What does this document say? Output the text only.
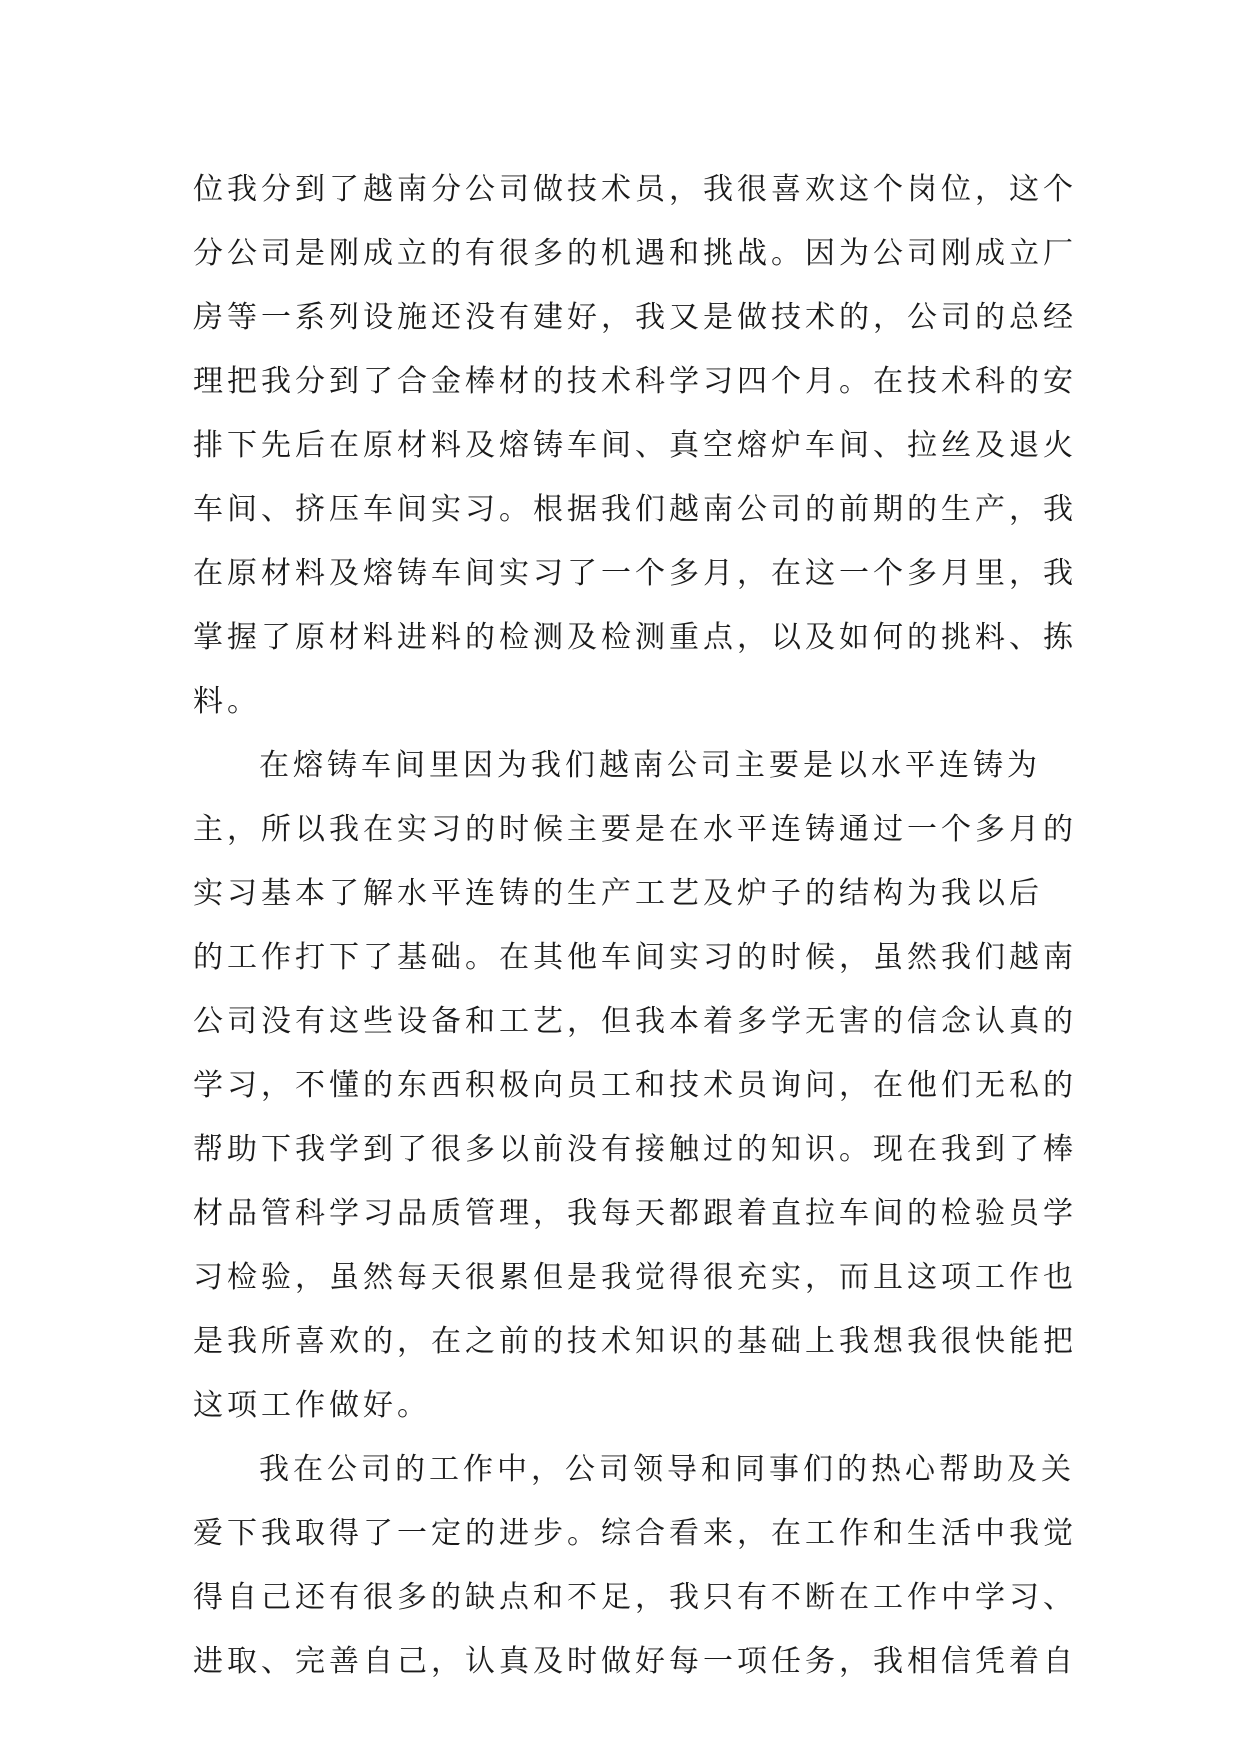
位我分到了越南分公司做技术员，我很喜欢这个岗位，这个
分公司是刚成立的有很多的机遇和挑战。因为公司刚成立厂
房等一系列设施还没有建好，我又是做技术的，公司的总经
理把我分到了合金棒材的技术科学习四个月。在技术科的安
排下先后在原材料及熔铸车间、真空熔炉车间、拉丝及退火
车间、挤压车间实习。根据我们越南公司的前期的生产，我
在原材料及熔铸车间实习了一个多月，在这一个多月里，我
掌握了原材料进料的检测及检测重点，以及如何的挑料、拣
料。
在熔铸车间里因为我们越南公司主要是以水平连铸为
主，所以我在实习的时候主要是在水平连铸通过一个多月的
实习基本了解水平连铸的生产工艺及炉子的结构为我以后
的工作打下了基础。在其他车间实习的时候，虽然我们越南
公司没有这些设备和工艺，但我本着多学无害的信念认真的
学习，不懂的东西积极向员工和技术员询问，在他们无私的
帮助下我学到了很多以前没有接触过的知识。现在我到了棒
材品管科学习品质管理，我每天都跟着直拉车间的检验员学
习检验，虽然每天很累但是我觉得很充实，而且这项工作也
是我所喜欢的，在之前的技术知识的基础上我想我很快能把
这项工作做好。
我在公司的工作中，公司领导和同事们的热心帮助及关
爱下我取得了一定的进步。综合看来，在工作和生活中我觉
得自己还有很多的缺点和不足，我只有不断在工作中学习、
进取、完善自己，认真及时做好每一项任务，我相信凭着自
